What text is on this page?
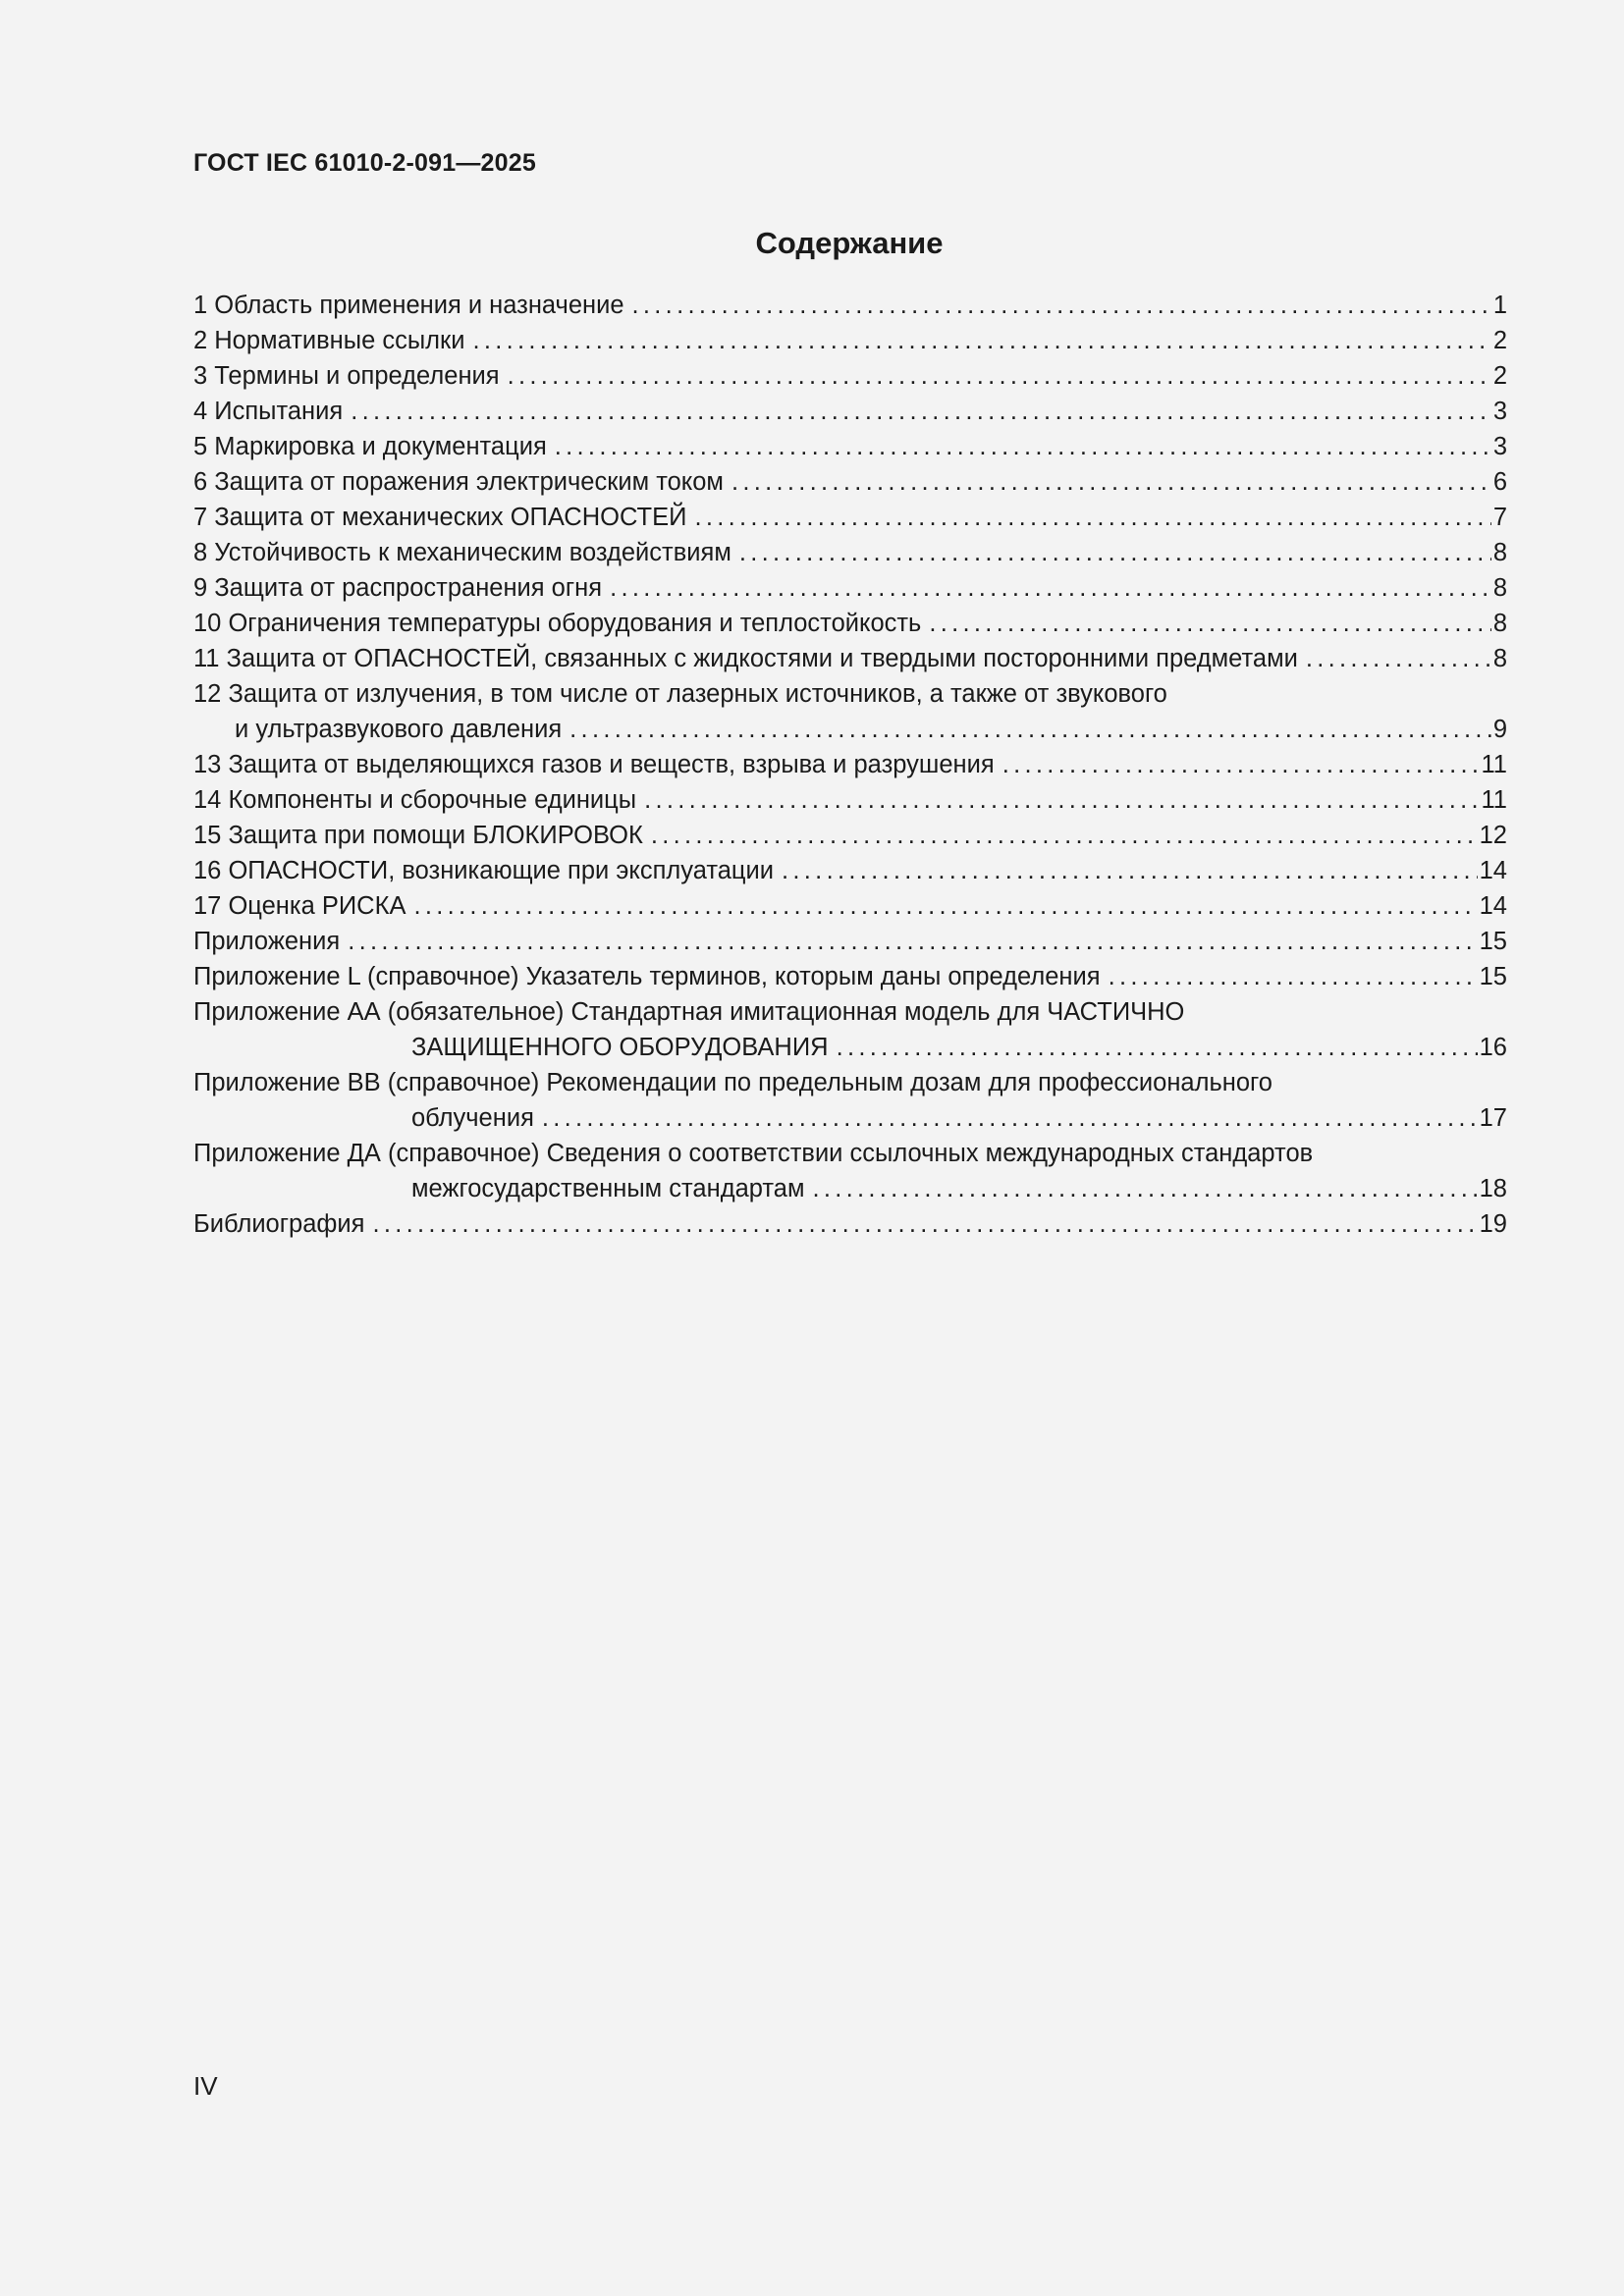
ГОСТ IEC 61010-2-091—2025
Содержание
1 Область применения и назначение .....	1
2 Нормативные ссылки .....	2
3 Термины и определения .....	2
4 Испытания .....	3
5 Маркировка и документация .....	3
6 Защита от поражения электрическим током .....	6
7 Защита от механических ОПАСНОСТЕЙ .....	7
8 Устойчивость к механическим воздействиям .....	8
9 Защита от распространения огня .....	8
10 Ограничения температуры оборудования и теплостойкость .....	8
11 Защита от ОПАСНОСТЕЙ, связанных с жидкостями и твердыми посторонними предметами .....	8
12 Защита от излучения, в том числе от лазерных источников, а также от звукового
и ультразвукового давления .....	9
13 Защита от выделяющихся газов и веществ, взрыва и разрушения .....	11
14 Компоненты и сборочные единицы .....	11
15 Защита при помощи БЛОКИРОВОК .....	12
16 ОПАСНОСТИ, возникающие при эксплуатации .....	14
17 Оценка РИСКА .....	14
Приложения .....	15
Приложение L (справочное) Указатель терминов, которым даны определения .....	15
Приложение АА (обязательное) Стандартная имитационная модель для ЧАСТИЧНО
ЗАЩИЩЕННОГО ОБОРУДОВАНИЯ .....	16
Приложение ВВ (справочное) Рекомендации по предельным дозам для профессионального
облучения .....	17
Приложение ДА (справочное) Сведения о соответствии ссылочных международных стандартов
межгосударственным стандартам .....	18
Библиография .....	19
IV
